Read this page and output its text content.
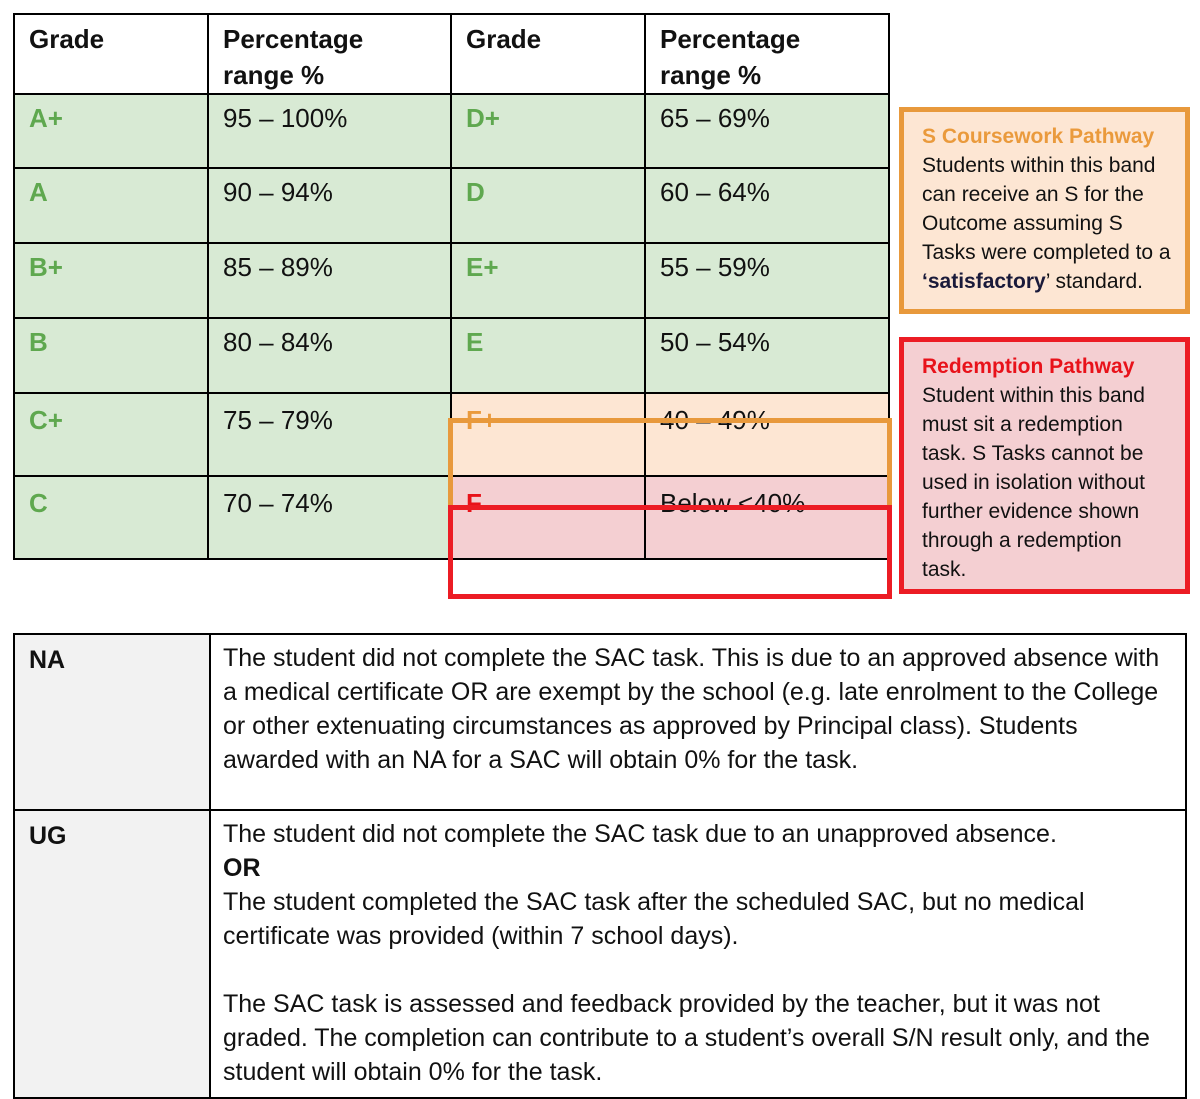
Grade	Percentage range %	Grade	Percentage range %
A+	95 – 100%	D+	65 – 69%
A	90 – 94%	D	60 – 64%
B+	85 – 89%	E+	55 – 59%
B	80 – 84%	E	50 – 54%
C+	75 – 79%	F+	40 – 49%
C	70 – 74%	F	Below <40%
S Coursework Pathway
Students within this band can receive an S for the Outcome assuming S Tasks were completed to a ‘satisfactory’ standard.
Redemption Pathway
Student within this band must sit a redemption task. S Tasks cannot be used in isolation without further evidence shown through a redemption task.
NA	The student did not complete the SAC task. This is due to an approved absence with a medical certificate OR are exempt by the school (e.g. late enrolment to the College or other extenuating circumstances as approved by Principal class). Students awarded with an NA for a SAC will obtain 0% for the task.
UG	The student did not complete the SAC task due to an unapproved absence.
OR
The student completed the SAC task after the scheduled SAC, but no medical certificate was provided (within 7 school days).
The SAC task is assessed and feedback provided by the teacher, but it was not graded. The completion can contribute to a student’s overall S/N result only, and the student will obtain 0% for the task.
